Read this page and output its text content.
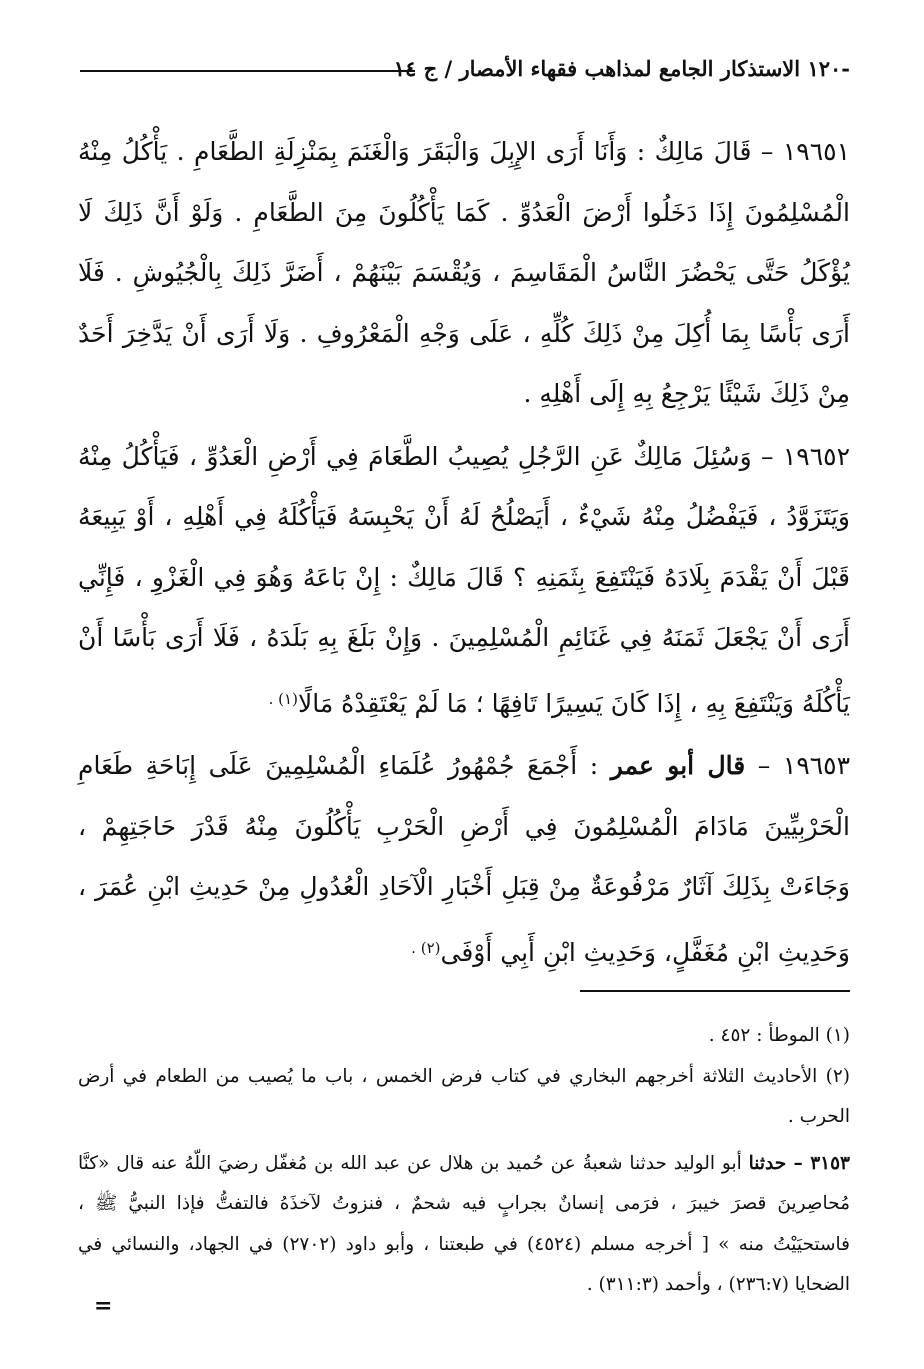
-١٢٠ الاستذكار الجامع لمذاهب فقهاء الأمصار / ج ١٤

١٩٦٥١ – قَالَ مَالِكٌ : وَأَنَا أَرَى الإِبِلَ وَالْبَقَرَ وَالْغَنَمَ بِمَنْزِلَةِ الطَّعَامِ . يَأْكُلُ مِنْهُ الْمُسْلِمُونَ إِذَا دَخَلُوا أَرْضَ الْعَدُوِّ . كَمَا يَأْكُلُونَ مِنَ الطَّعَامِ . وَلَوْ أَنَّ ذَلِكَ لَا يُؤْكَلُ حَتَّى يَحْضُرَ النَّاسُ الْمَقَاسِمَ ، وَيُقْسَمَ بَيْنَهُمْ ، أَضَرَّ ذَلِكَ بِالْجُيُوشِ . فَلَا أَرَى بَأْسًا بِمَا أُكِلَ مِنْ ذَلِكَ كُلِّهِ ، عَلَى وَجْهِ الْمَعْرُوفِ . وَلَا أَرَى أَنْ يَدَّخِرَ أَحَدٌ مِنْ ذَلِكَ شَيْئًا يَرْجِعُ بِهِ إِلَى أَهْلِهِ .

١٩٦٥٢ – وَسُئِلَ مَالِكٌ عَنِ الرَّجُلِ يُصِيبُ الطَّعَامَ فِي أَرْضِ الْعَدُوِّ ، فَيَأْكُلُ مِنْهُ وَيَتَزَوَّدُ ، فَيَفْضُلُ مِنْهُ شَيْءٌ ، أَيَصْلُحُ لَهُ أَنْ يَحْبِسَهُ فَيَأْكُلَهُ فِي أَهْلِهِ ، أَوْ يَبِيعَهُ قَبْلَ أَنْ يَقْدَمَ بِلَادَهُ فَيَنْتَفِعَ بِثَمَنِهِ ؟ قَالَ مَالِكٌ : إِنْ بَاعَهُ وَهُوَ فِي الْغَزْوِ ، فَإِنِّي أَرَى أَنْ يَجْعَلَ ثَمَنَهُ فِي غَنَائِمِ الْمُسْلِمِينَ . وَإِنْ بَلَغَ بِهِ بَلَدَهُ ، فَلَا أَرَى بَأْسًا أَنْ يَأْكُلَهُ وَيَنْتَفِعَ بِهِ ، إِذَا كَانَ يَسِيرًا تَافِهًا ؛ مَا لَمْ يَعْتَقِدْهُ مَالًا$^{(١) .}$

١٩٦٥٣ – قال أبو عمر : أَجْمَعَ جُمْهُورُ عُلَمَاءِ الْمُسْلِمِينَ عَلَى إِبَاحَةِ طَعَامِ الْحَرْبِيِّينَ مَادَامَ الْمُسْلِمُونَ فِي أَرْضِ الْحَرْبِ يَأْكُلُونَ مِنْهُ قَدْرَ حَاجَتِهِمْ ، وَجَاءَتْ بِذَلِكَ آثَارٌ مَرْفُوعَةٌ مِنْ قِبَلِ أَخْبَارِ الْآحَادِ الْعُدُولِ مِنْ حَدِيثِ ابْنِ عُمَرَ ، وَحَدِيثِ ابْنِ مُغَفَّلٍ، وَحَدِيثِ ابْنِ أَبِي أَوْفَى$^{(٢) .}$

(١) الموطأ : ٤٥٢ .

(٢) الأحاديث الثلاثة أخرجهم البخاري في كتاب فرض الخمس ، باب ما يُصيب من الطعام في أرض الحرب .

٣١٥٣ – حدثنا أبو الوليد حدثنا شعبةُ عن حُميد بن هلال عن عبد الله بن مُغفّل رضيَ اللّهُ عنه قال «كنَّا مُحاصِرينَ قصرَ خيبرَ ، فرَمى إنسانٌ بجرابٍ فيه شحمٌ ، فنزوتُ لآخذَهُ فالتفتُّ فإذا النبيُّ ﷺ ، فاستحيَيْتُ منه » [ أخرجه مسلم (٤٥٢٤) في طبعتنا ، وأبو داود (٢٧٠٢) في الجهاد، والنسائي في الضحايا (٢٣٦:٧) ، وأحمد (٣١١:٣) .

=
